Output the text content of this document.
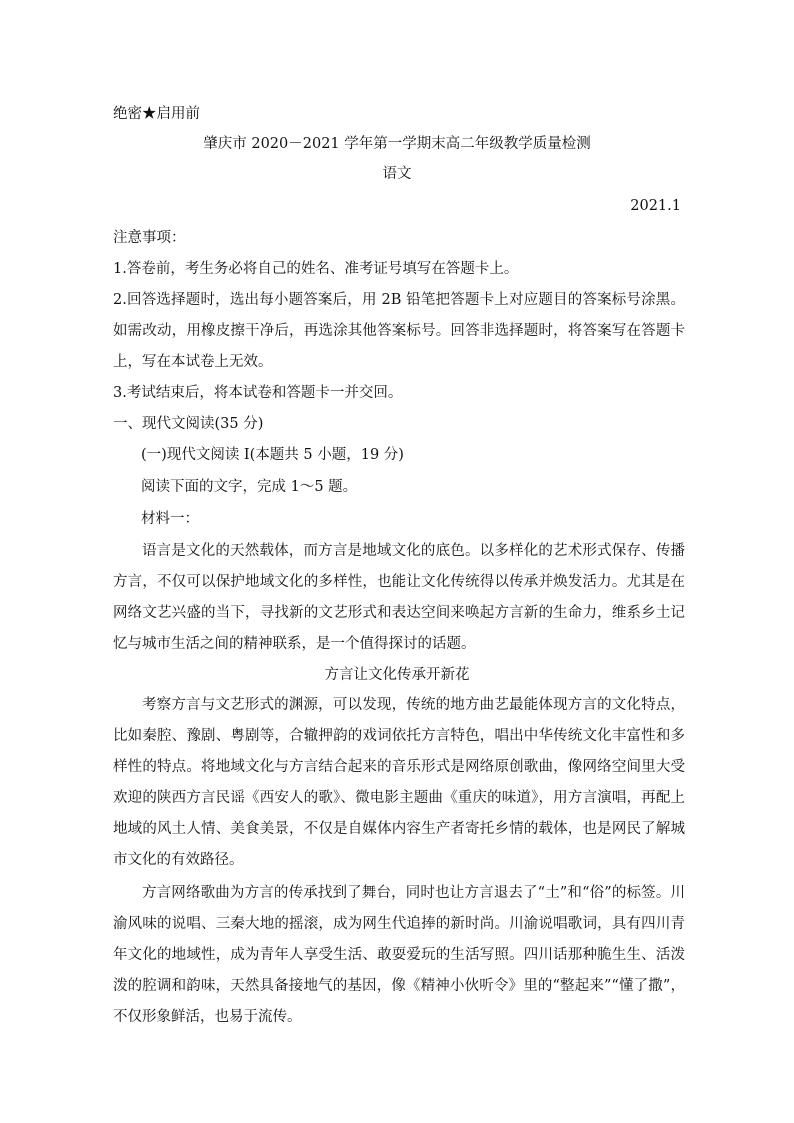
绝密★启用前
肇庆市 2020－2021 学年第一学期末高二年级教学质量检测
语文
2021.1
注意事项：
1.答卷前，考生务必将自己的姓名、准考证号填写在答题卡上。
2.回答选择题时，选出每小题答案后，用 2B 铅笔把答题卡上对应题目的答案标号涂黑。如需改动，用橡皮擦干净后，再选涂其他答案标号。回答非选择题时，将答案写在答题卡上，写在本试卷上无效。
3.考试结束后，将本试卷和答题卡一并交回。
一、现代文阅读(35 分)
(一)现代文阅读 I(本题共 5 小题，19 分)
阅读下面的文字，完成 1～5 题。
材料一：
语言是文化的天然载体，而方言是地域文化的底色。以多样化的艺术形式保存、传播方言，不仅可以保护地域文化的多样性，也能让文化传统得以传承并焕发活力。尤其是在网络文艺兴盛的当下，寻找新的文艺形式和表达空间来唤起方言新的生命力，维系乡土记忆与城市生活之间的精神联系，是一个值得探讨的话题。
方言让文化传承开新花
考察方言与文艺形式的渊源，可以发现，传统的地方曲艺最能体现方言的文化特点，比如秦腔、豫剧、粤剧等，合辙押韵的戏词依托方言特色，唱出中华传统文化丰富性和多样性的特点。将地域文化与方言结合起来的音乐形式是网络原创歌曲，像网络空间里大受欢迎的陕西方言民谣《西安人的歌》、微电影主题曲《重庆的味道》，用方言演唱，再配上地域的风土人情、美食美景，不仅是自媒体内容生产者寄托乡情的载体，也是网民了解城市文化的有效路径。
方言网络歌曲为方言的传承找到了舞台，同时也让方言退去了“土”和“俗”的标签。川渝风味的说唱、三秦大地的摇滚，成为网生代追捧的新时尚。川渝说唱歌词，具有四川青年文化的地域性，成为青年人享受生活、敢耍爱玩的生活写照。四川话那种脆生生、活泼泼的腔调和韵味，天然具备接地气的基因，像《精神小伙听令》里的“整起来”“懂了撒”，不仅形象鲜活，也易于流传。
